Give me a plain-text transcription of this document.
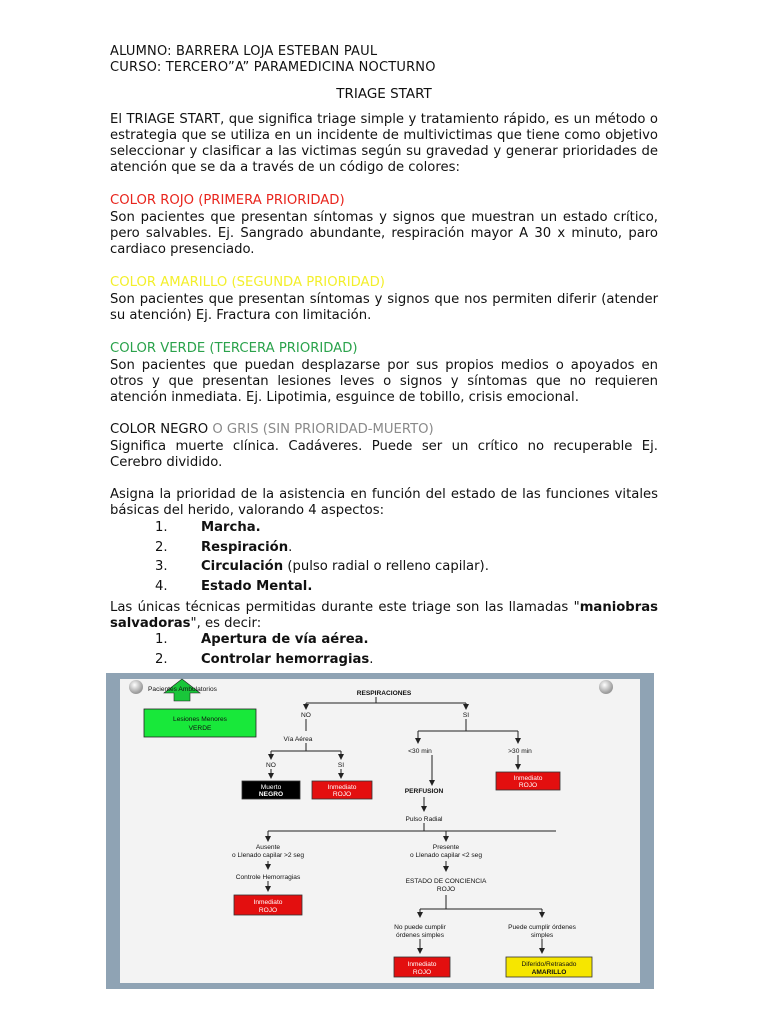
ALUMNO: BARRERA LOJA ESTEBAN PAUL
CURSO: TERCERO”A” PARAMEDICINA NOCTURNO
TRIAGE START

El TRIAGE START, que significa triage simple y tratamiento rápido, es un método o estrategia que se utiliza en un incidente de multivictimas que tiene como objetivo seleccionar y clasificar a las victimas según su gravedad y generar prioridades de atención que se da a través de un código de colores:

COLOR ROJO (PRIMERA PRIORIDAD)

Son pacientes que presentan síntomas y signos que muestran un estado crítico, pero salvables. Ej. Sangrado abundante, respiración mayor A 30 x minuto, paro cardiaco presenciado.

COLOR AMARILLO (SEGUNDA PRIORIDAD)

Son pacientes que presentan síntomas y signos que nos permiten diferir (atender su atención) Ej. Fractura con limitación.

COLOR VERDE (TERCERA PRIORIDAD)

Son pacientes que puedan desplazarse por sus propios medios o apoyados en otros y que presentan lesiones leves o signos y síntomas que no requieren atención inmediata. Ej. Lipotimia, esguince de tobillo, crisis emocional.

COLOR NEGRO O GRIS (SIN PRIORIDAD-MUERTO)

Significa muerte clínica. Cadáveres. Puede ser un crítico no recuperable Ej. Cerebro dividido.

Asigna la prioridad de la asistencia en función del estado de las funciones vitales básicas del herido, valorando 4 aspectos:

1.	Marcha.
2.	Respiración.
3.	Circulación (pulso radial o relleno capilar).
4.	Estado Mental.

Las únicas técnicas permitidas durante este triage son las llamadas "maniobras salvadoras", es decir:

1.	Apertura de vía aérea.
2.	Controlar hemorragias.
Pacientes Ambulatorios
Lesiones Menores
VERDE
RESPIRACIONES
NO	SI
Vía Aérea
NO	SI
Muerto
NEGRO
Inmediato
ROJO
<30 min	>30 min
Inmediato
ROJO
PERFUSION
Pulso Radial
Ausente
o Llenado capilar >2 seg
Controle Hemorragias
Inmediato
ROJO
Presente
o Llenado capilar <2 seg
ESTADO DE CONCIENCIA
ROJO
No puede cumplir
órdenes simples
Puede cumplir órdenes
simples
Inmediato
ROJO
Diferido/Retrasado
AMARILLO
